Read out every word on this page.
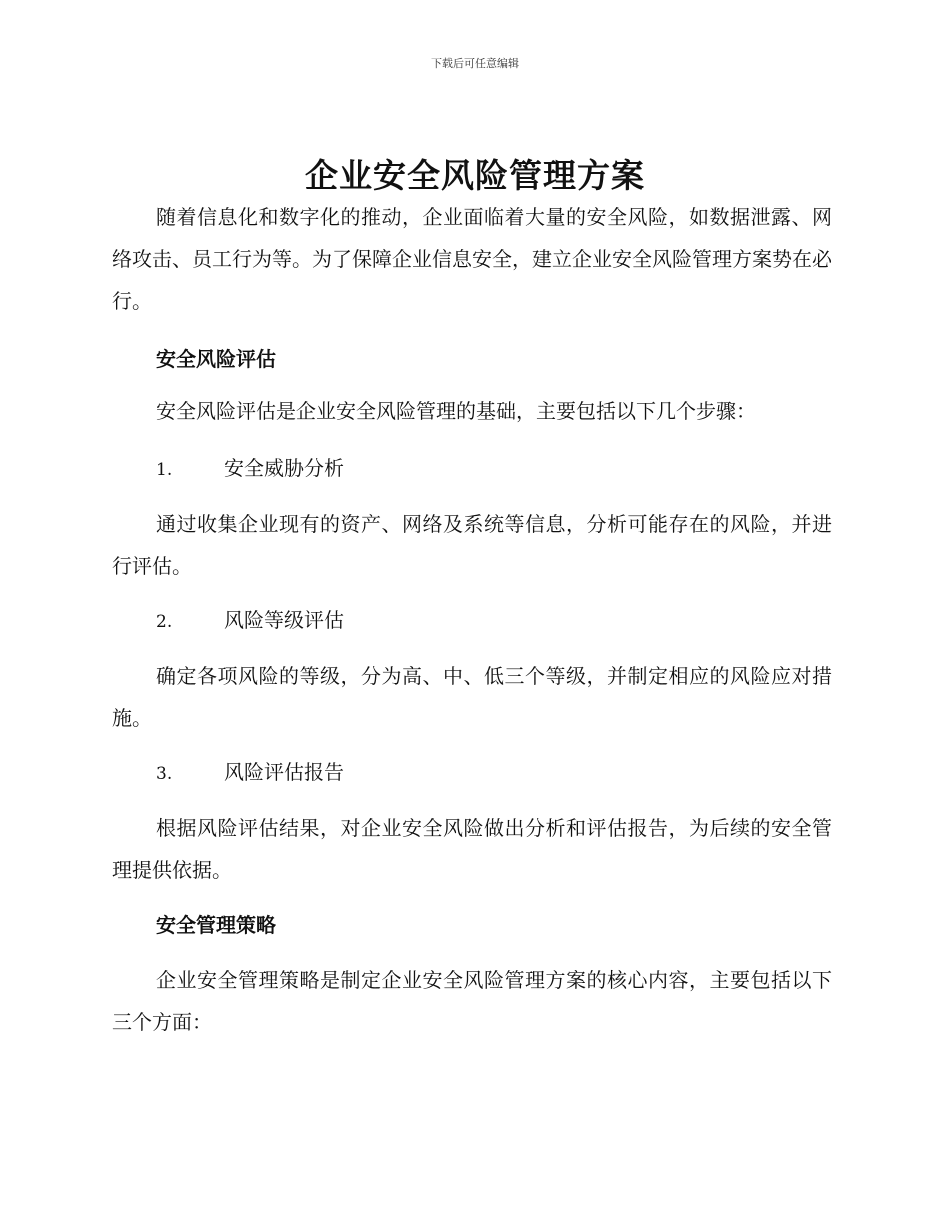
下载后可任意编辑
企业安全风险管理方案

随着信息化和数字化的推动，企业面临着大量的安全风险，如数据泄露、网络攻击、员工行为等。为了保障企业信息安全，建立企业安全风险管理方案势在必行。

安全风险评估

安全风险评估是企业安全风险管理的基础，主要包括以下几个步骤：

1.	安全威胁分析

通过收集企业现有的资产、网络及系统等信息，分析可能存在的风险，并进行评估。

2.	风险等级评估

确定各项风险的等级，分为高、中、低三个等级，并制定相应的风险应对措施。

3.	风险评估报告

根据风险评估结果，对企业安全风险做出分析和评估报告，为后续的安全管理提供依据。

安全管理策略

企业安全管理策略是制定企业安全风险管理方案的核心内容，主要包括以下三个方面：
